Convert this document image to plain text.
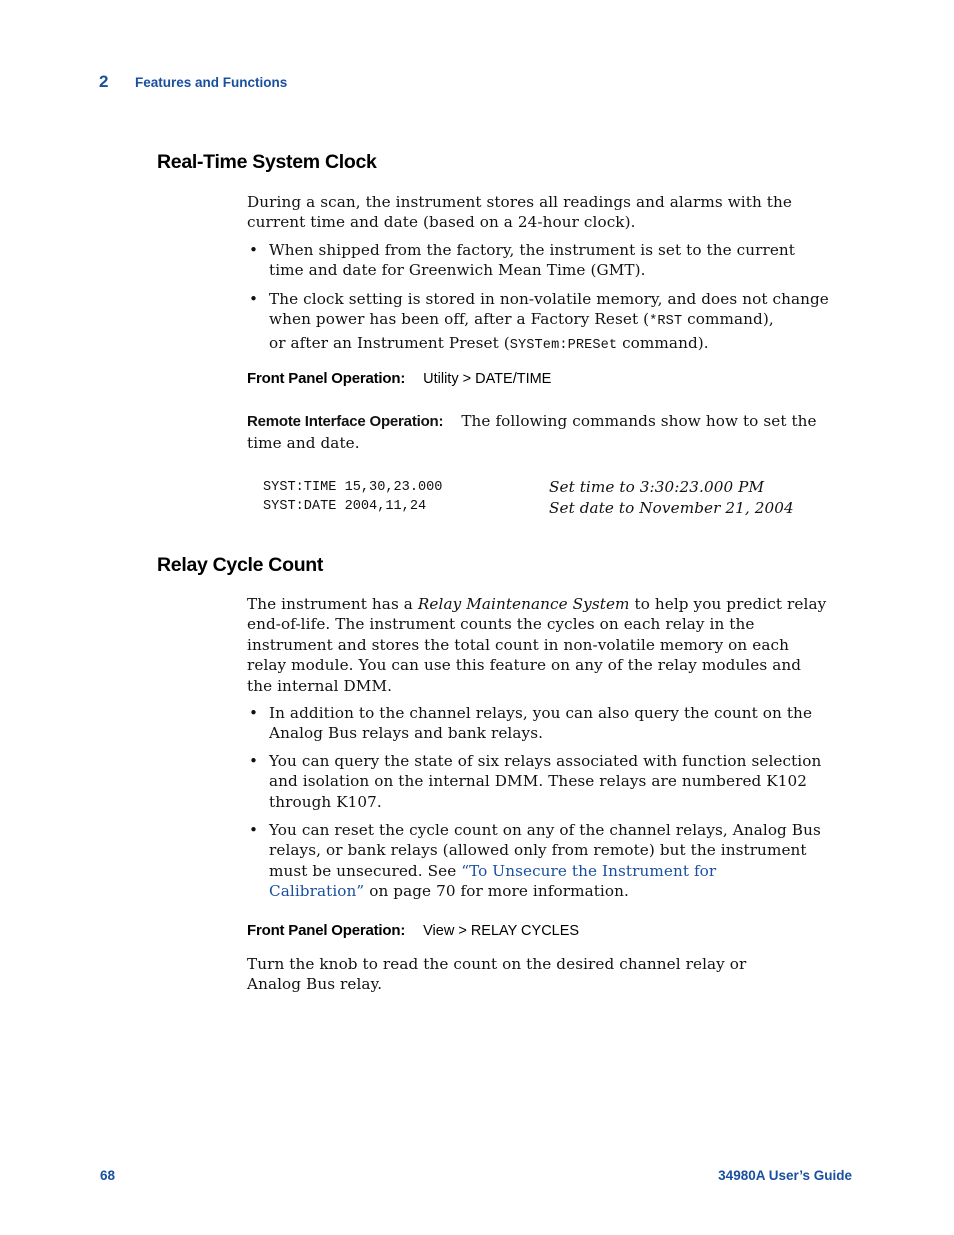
2 Features and Functions
Real-Time System Clock
During a scan, the instrument stores all readings and alarms with the
current time and date (based on a 24-hour clock).
• When shipped from the factory, the instrument is set to the current
time and date for Greenwich Mean Time (GMT).
• The clock setting is stored in non-volatile memory, and does not change
when power has been off, after a Factory Reset (*RST command),
or after an Instrument Preset (SYSTem:PRESet command).
Front Panel Operation: Utility > DATE/TIME
Remote Interface Operation: The following commands show how to set the
time and date.
SYST:TIME 15,30,23.000	Set time to 3:30:23.000 PM
SYST:DATE 2004,11,24	Set date to November 21, 2004
Relay Cycle Count
The instrument has a Relay Maintenance System to help you predict relay
end-of-life. The instrument counts the cycles on each relay in the
instrument and stores the total count in non-volatile memory on each
relay module. You can use this feature on any of the relay modules and
the internal DMM.
• In addition to the channel relays, you can also query the count on the
Analog Bus relays and bank relays.
• You can query the state of six relays associated with function selection
and isolation on the internal DMM. These relays are numbered K102
through K107.
• You can reset the cycle count on any of the channel relays, Analog Bus
relays, or bank relays (allowed only from remote) but the instrument
must be unsecured. See “To Unsecure the Instrument for
Calibration” on page 70 for more information.
Front Panel Operation: View > RELAY CYCLES
Turn the knob to read the count on the desired channel relay or
Analog Bus relay.
68	34980A User’s Guide
